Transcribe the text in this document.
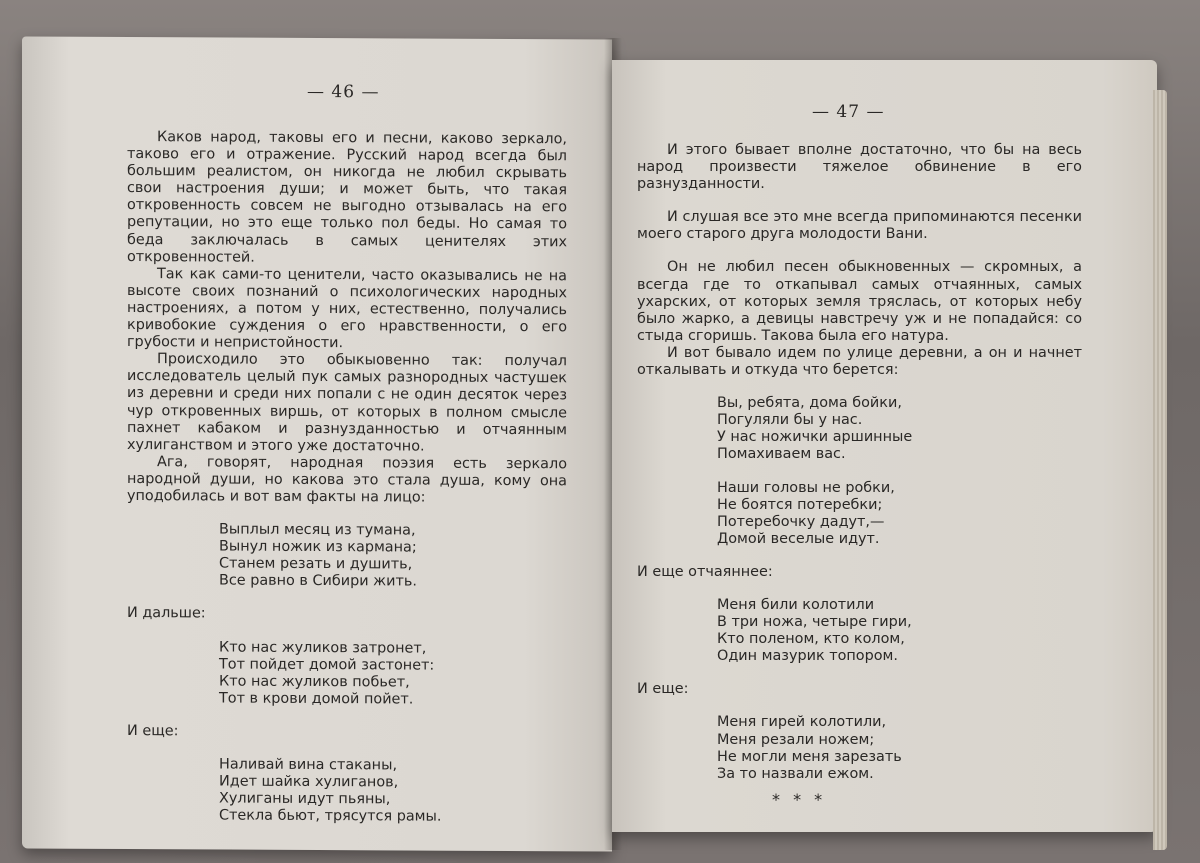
— 46 —

Каков народ, таковы его и песни, каково зеркало, таково его и отражение. Русский народ всегда был большим реалистом, он никогда не любил скрывать свои настроения души; и может быть, что такая откровенность совсем не выгодно отзывалась на его репутации, но это еще только пол беды. Но самая то беда заключалась в самых ценителях этих откровенностей.

Так как сами-то ценители, часто оказывались не на высоте своих познаний о психологических народных настроениях, а потом у них, естественно, получались кривобокие суждения о его нравственности, о его грубости и непристойности.

Происходило это обыкыовенно так: получал исследователь целый пук самых разнородных частушек из деревни и среди них попали с не один десяток через чур откровенных виршь, от которых в полном смысле пахнет кабаком и разнузданностью и отчаянным хулиганством и этого уже достаточно.

Ага, говорят, народная поэзия есть зеркало народной души, но какова это стала душа, кому она уподобилась и вот вам факты на лицо:

Выплыл месяц из тумана,
Вынул ножик из кармана;
Станем резать и душить,
Все равно в Сибири жить.

И дальше:

Кто нас жуликов затронет,
Тот пойдет домой застонет:
Кто нас жуликов побьет,
Тот в крови домой пойет.

И еще:

Наливай вина стаканы,
Идет шайка хулиганов,
Хулиганы идут пьяны,
Стекла бьют, трясутся рамы.
— 47 —

И этого бывает вполне достаточно, что бы на весь народ произвести тяжелое обвинение в его разнузданности.

И слушая все это мне всегда припоминаются песенки моего старого друга молодости Вани.

Он не любил песен обыкновенных — скромных, а всегда где то откапывал самых отчаянных, самых ухарских, от которых земля тряслась, от которых небу было жарко, а девицы навстречу уж и не попадайся: со стыда сгоришь. Такова была его натура.

И вот бывало идем по улице деревни, а он и начнет откалывать и откуда что берется:

Вы, ребята, дома бойки,
Погуляли бы у нас.
У нас ножички аршинные
Помахиваем вас.
Наши головы не робки,
Не боятся потеребки;
Потеребочку дадут,—
Домой веселые идут.

И еще отчаяннее:

Меня били колотили
В три ножа, четыре гири,
Кто поленом, кто колом,
Один мазурик топором.

И еще:

Меня гирей колотили,
Меня резали ножем;
Не могли меня зарезать
За то назвали ежом.
* * *
